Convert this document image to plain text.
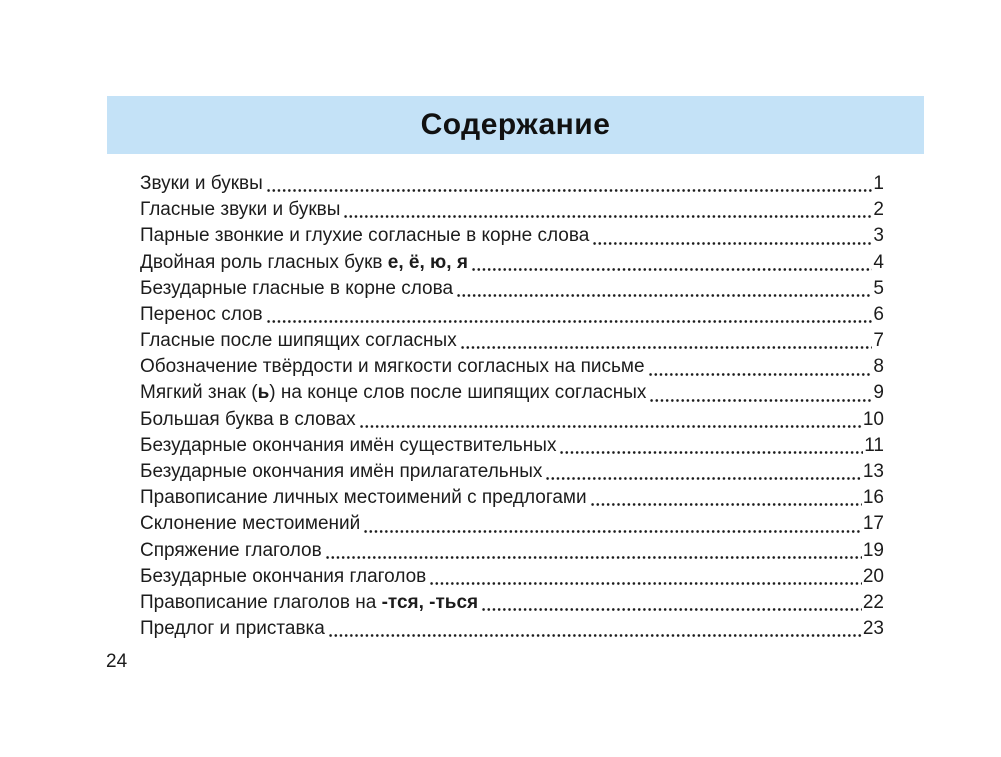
Содержание
Звуки и буквы	1
Гласные звуки и буквы	2
Парные звонкие и глухие согласные в корне слова	3
Двойная роль гласных букв е, ё, ю, я	4
Безударные гласные в корне слова	5
Перенос слов	6
Гласные после шипящих согласных	7
Обозначение твёрдости и мягкости согласных на письме	8
Мягкий знак (ь) на конце слов после шипящих согласных	9
Большая буква в словах	10
Безударные окончания имён существительных	11
Безударные окончания имён прилагательных	13
Правописание личных местоимений с предлогами	16
Склонение местоимений	17
Спряжение глаголов	19
Безударные окончания глаголов	20
Правописание глаголов на -тся, -ться	22
Предлог и приставка	23
24
